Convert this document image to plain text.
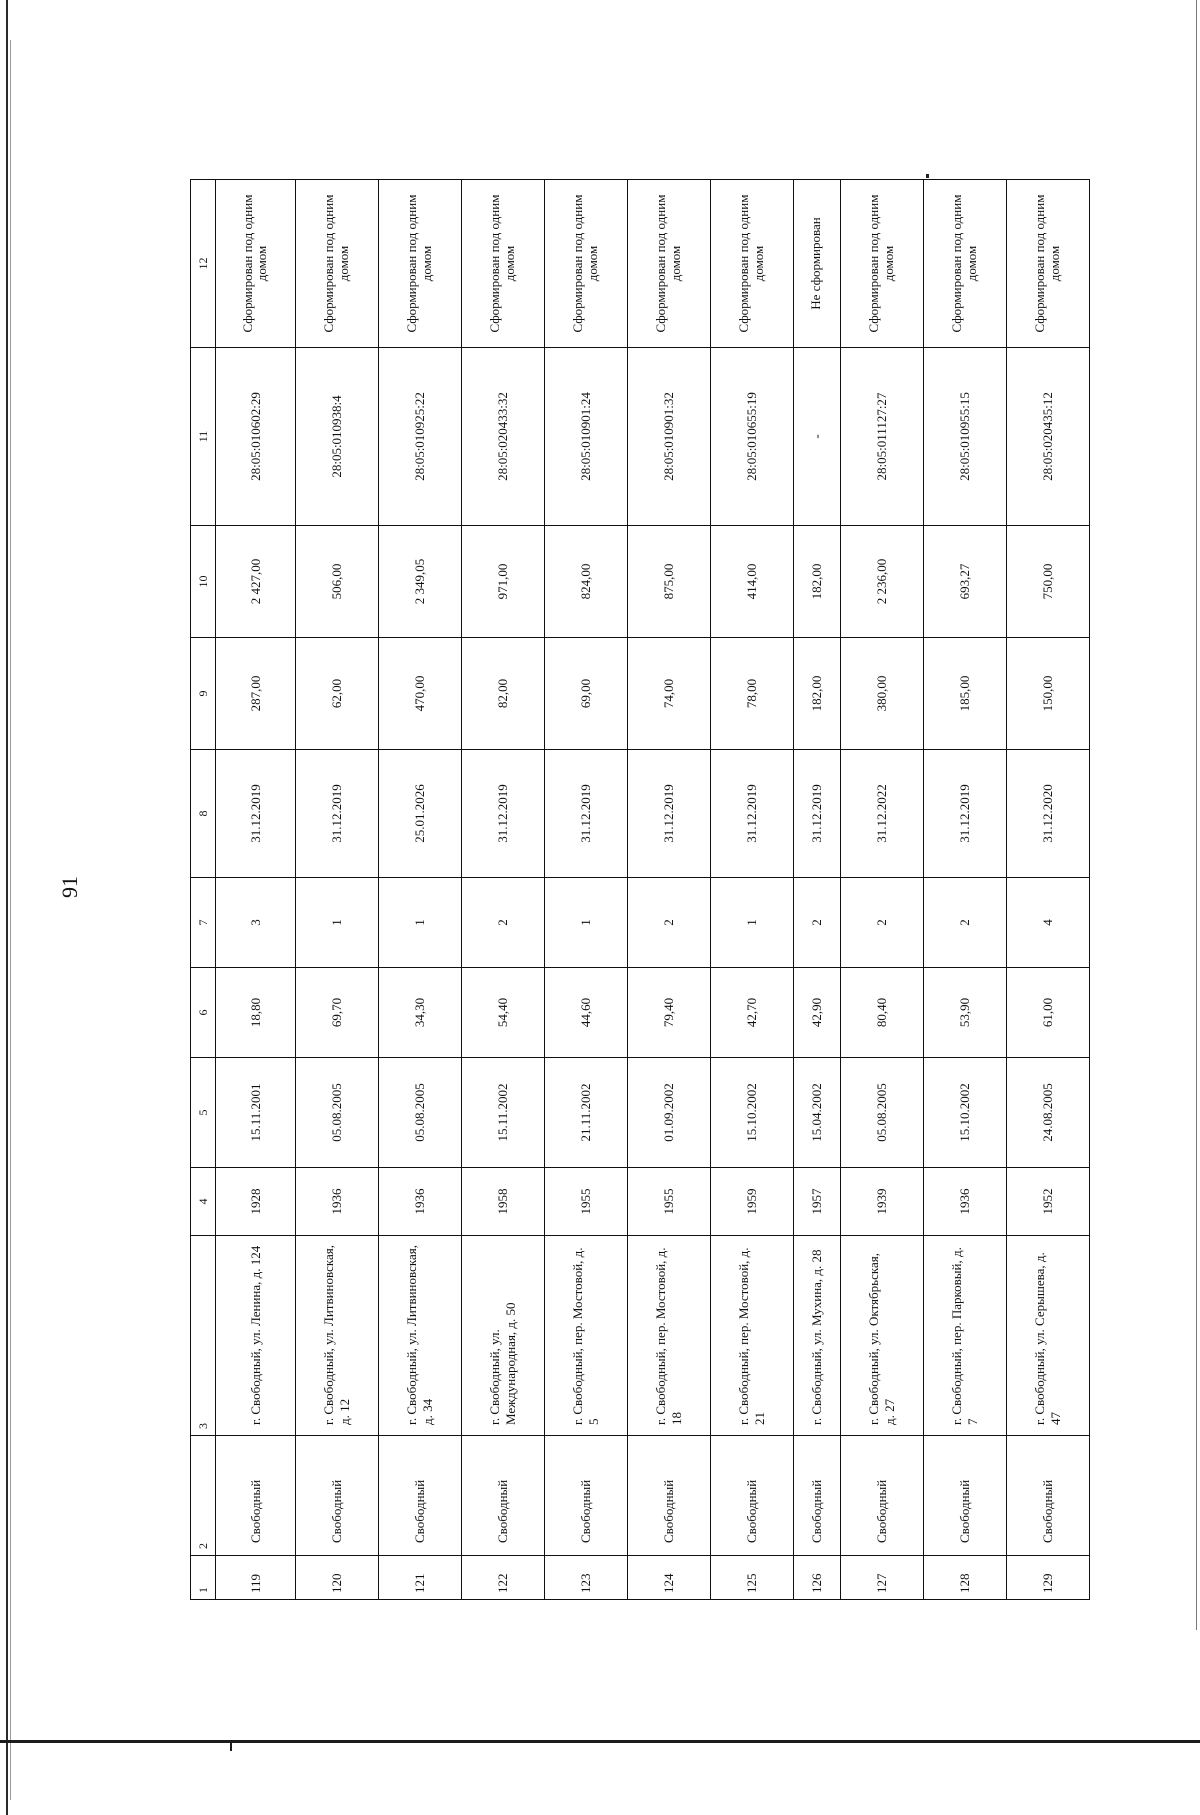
91
1	2	3	4	5	6	7	8	9	10	11	12
119	Свободный	г. Свободный, ул. Ленина, д. 124	1928	15.11.2001	18,80	3	31.12.2019	287,00	2 427,00	28:05:010602:29	Сформирован под одним домом
120	Свободный	г. Свободный, ул. Литвиновская, д. 12	1936	05.08.2005	69,70	1	31.12.2019	62,00	506,00	28:05:010938:4	Сформирован под одним домом
121	Свободный	г. Свободный, ул. Литвиновская, д. 34	1936	05.08.2005	34,30	1	25.01.2026	470,00	2 349,05	28:05:010925:22	Сформирован под одним домом
122	Свободный	г. Свободный, ул. Международная, д. 50	1958	15.11.2002	54,40	2	31.12.2019	82,00	971,00	28:05:020433:32	Сформирован под одним домом
123	Свободный	г. Свободный, пер. Мостовой, д. 5	1955	21.11.2002	44,60	1	31.12.2019	69,00	824,00	28:05:010901:24	Сформирован под одним домом
124	Свободный	г. Свободный, пер. Мостовой, д. 18	1955	01.09.2002	79,40	2	31.12.2019	74,00	875,00	28:05:010901:32	Сформирован под одним домом
125	Свободный	г. Свободный, пер. Мостовой, д. 21	1959	15.10.2002	42,70	1	31.12.2019	78,00	414,00	28:05:010655:19	Сформирован под одним домом
126	Свободный	г. Свободный, ул. Мухина, д. 28	1957	15.04.2002	42,90	2	31.12.2019	182,00	182,00	-	Не сформирован
127	Свободный	г. Свободный, ул. Октябрьская, д. 27	1939	05.08.2005	80,40	2	31.12.2022	380,00	2 236,00	28:05:011127:27	Сформирован под одним домом
128	Свободный	г. Свободный, пер. Парковый, д. 7	1936	15.10.2002	53,90	2	31.12.2019	185,00	693,27	28:05:010955:15	Сформирован под одним домом
129	Свободный	г. Свободный, ул. Серышева, д. 47	1952	24.08.2005	61,00	4	31.12.2020	150,00	750,00	28:05:020435:12	Сформирован под одним домом
